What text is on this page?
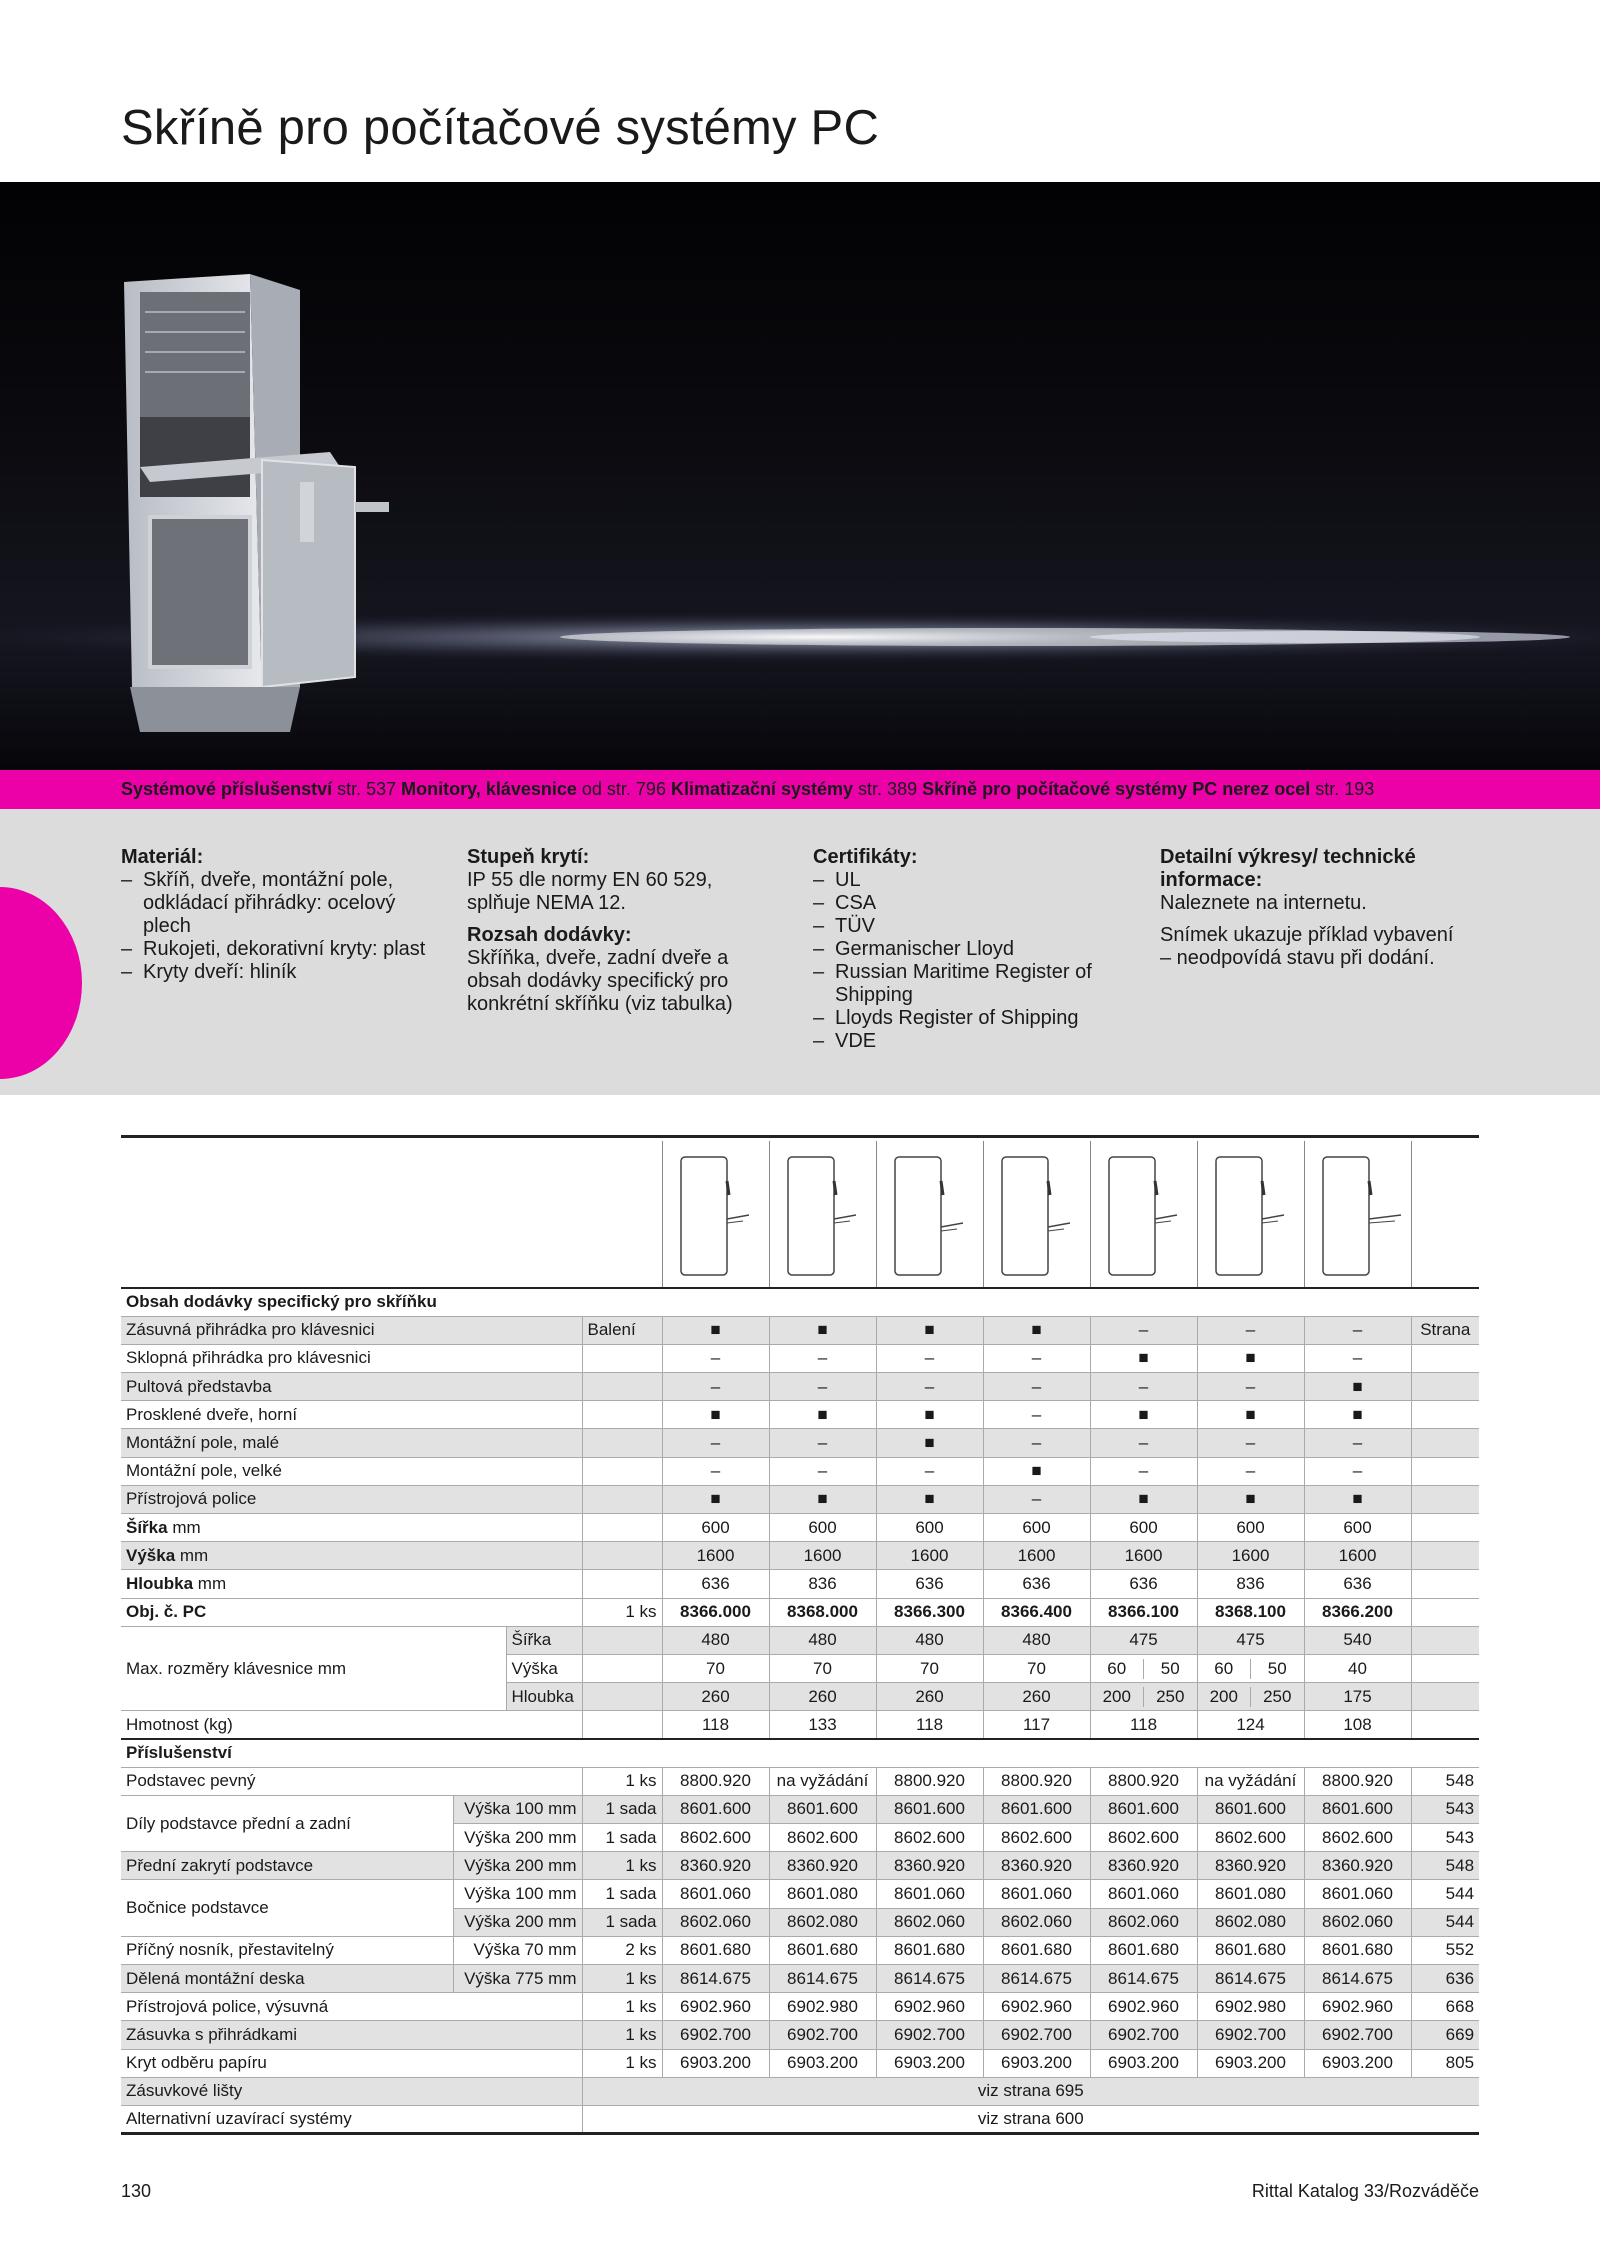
Skříně pro počítačové systémy PC
Systémové příslušenství str. 537 Monitory, klávesnice od str. 796 Klimatizační systémy str. 389 Skříně pro počítačové systémy PC nerez ocel str. 193
Materiál:
– Skříň, dveře, montážní pole, odkládací přihrádky: ocelový plech
– Rukojeti, dekorativní kryty: plast
– Kryty dveří: hliník
Stupeň krytí:
IP 55 dle normy EN 60 529, splňuje NEMA 12.
Rozsah dodávky:
Skříňka, dveře, zadní dveře a obsah dodávky specifický pro konkrétní skříňku (viz tabulka)
Certifikáty:
– UL
– CSA
– TÜV
– Germanischer Lloyd
– Russian Maritime Register of Shipping
– Lloyds Register of Shipping
– VDE
Detailní výkresy/ technické informace:
Naleznete na internetu.
Snímek ukazuje příklad vybavení – neodpovídá stavu při dodání.
Obsah dodávky specifický pro skříňku											
Zásuvná přihrádka pro klávesnici			Balení	■	■	■	■	–	–	–	Strana
Sklopná přihrádka pro klávesnici				–	–	–	–	■	■	–	
Pultová představba				–	–	–	–	–	–	■	
Prosklené dveře, horní				■	■	■	–	■	■	■	
Montážní pole, malé				–	–	■	–	–	–	–	
Montážní pole, velké				–	–	–	■	–	–	–	
Přístrojová police				■	■	■	–	■	■	■	
Šířka mm				600	600	600	600	600	600	600	
Výška mm				1600	1600	1600	1600	1600	1600	1600	
Hloubka mm				636	836	636	636	636	836	636	
Obj. č. PC			1 ks	8366.000	8368.000	8366.300	8366.400	8366.100	8368.100	8366.200	
Max. rozměry klávesnice mm		Šířka		480	480	480	480	475	475	540	
		Výška		70	70	70	70	60 50	60 50	40	
		Hloubka		260	260	260	260	200 250	200 250	175	
Hmotnost (kg)				118	133	118	117	118	124	108	
Příslušenství											
Podstavec pevný			1 ks	8800.920	na vyžádání	8800.920	8800.920	8800.920	na vyžádání	8800.920	548
Díly podstavce přední a zadní	Výška 100 mm		1 sada	8601.600	8601.600	8601.600	8601.600	8601.600	8601.600	8601.600	543
	Výška 200 mm		1 sada	8602.600	8602.600	8602.600	8602.600	8602.600	8602.600	8602.600	543
Přední zakrytí podstavce	Výška 200 mm		1 ks	8360.920	8360.920	8360.920	8360.920	8360.920	8360.920	8360.920	548
Bočnice podstavce	Výška 100 mm		1 sada	8601.060	8601.080	8601.060	8601.060	8601.060	8601.080	8601.060	544
	Výška 200 mm		1 sada	8602.060	8602.080	8602.060	8602.060	8602.060	8602.080	8602.060	544
Příčný nosník, přestavitelný	Výška 70 mm		2 ks	8601.680	8601.680	8601.680	8601.680	8601.680	8601.680	8601.680	552
Dělená montážní deska	Výška 775 mm		1 ks	8614.675	8614.675	8614.675	8614.675	8614.675	8614.675	8614.675	636
Přístrojová police, výsuvná			1 ks	6902.960	6902.980	6902.960	6902.960	6902.960	6902.980	6902.960	668
Zásuvka s přihrádkami			1 ks	6902.700	6902.700	6902.700	6902.700	6902.700	6902.700	6902.700	669
Kryt odběru papíru			1 ks	6903.200	6903.200	6903.200	6903.200	6903.200	6903.200	6903.200	805
Zásuvkové lišty			viz strana 695								
Alternativní uzavírací systémy			viz strana 600								
130	Rittal Katalog 33/Rozváděče
